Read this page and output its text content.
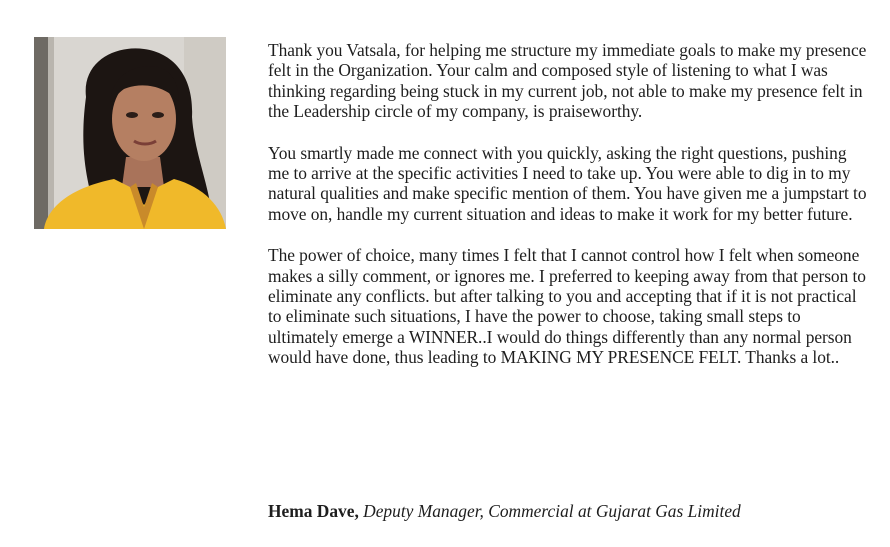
Thank you Vatsala, for helping me structure my immediate goals to make my presence felt in the Organization. Your calm and composed style of listening to what I was thinking regarding being stuck in my current job, not able to make my presence felt in the Leadership circle of my company, is praiseworthy.

You smartly made me connect with you quickly, asking the right questions, pushing me to arrive at the specific activities I need to take up. You were able to dig in to my natural qualities and make specific mention of them. You have given me a jumpstart to move on, handle my current situation and ideas to make it work for my better future.

The power of choice, many times I felt that I cannot control how I felt when someone makes a silly comment, or ignores me. I preferred to keeping away from that person to eliminate any conflicts. but after talking to you and accepting that if it is not practical to eliminate such situations, I have the power to choose, taking small steps to ultimately emerge a WINNER..I would do things differently than any normal person would have done, thus leading to MAKING MY PRESENCE FELT. Thanks a lot..

Hema Dave, Deputy Manager, Commercial at Gujarat Gas Limited
